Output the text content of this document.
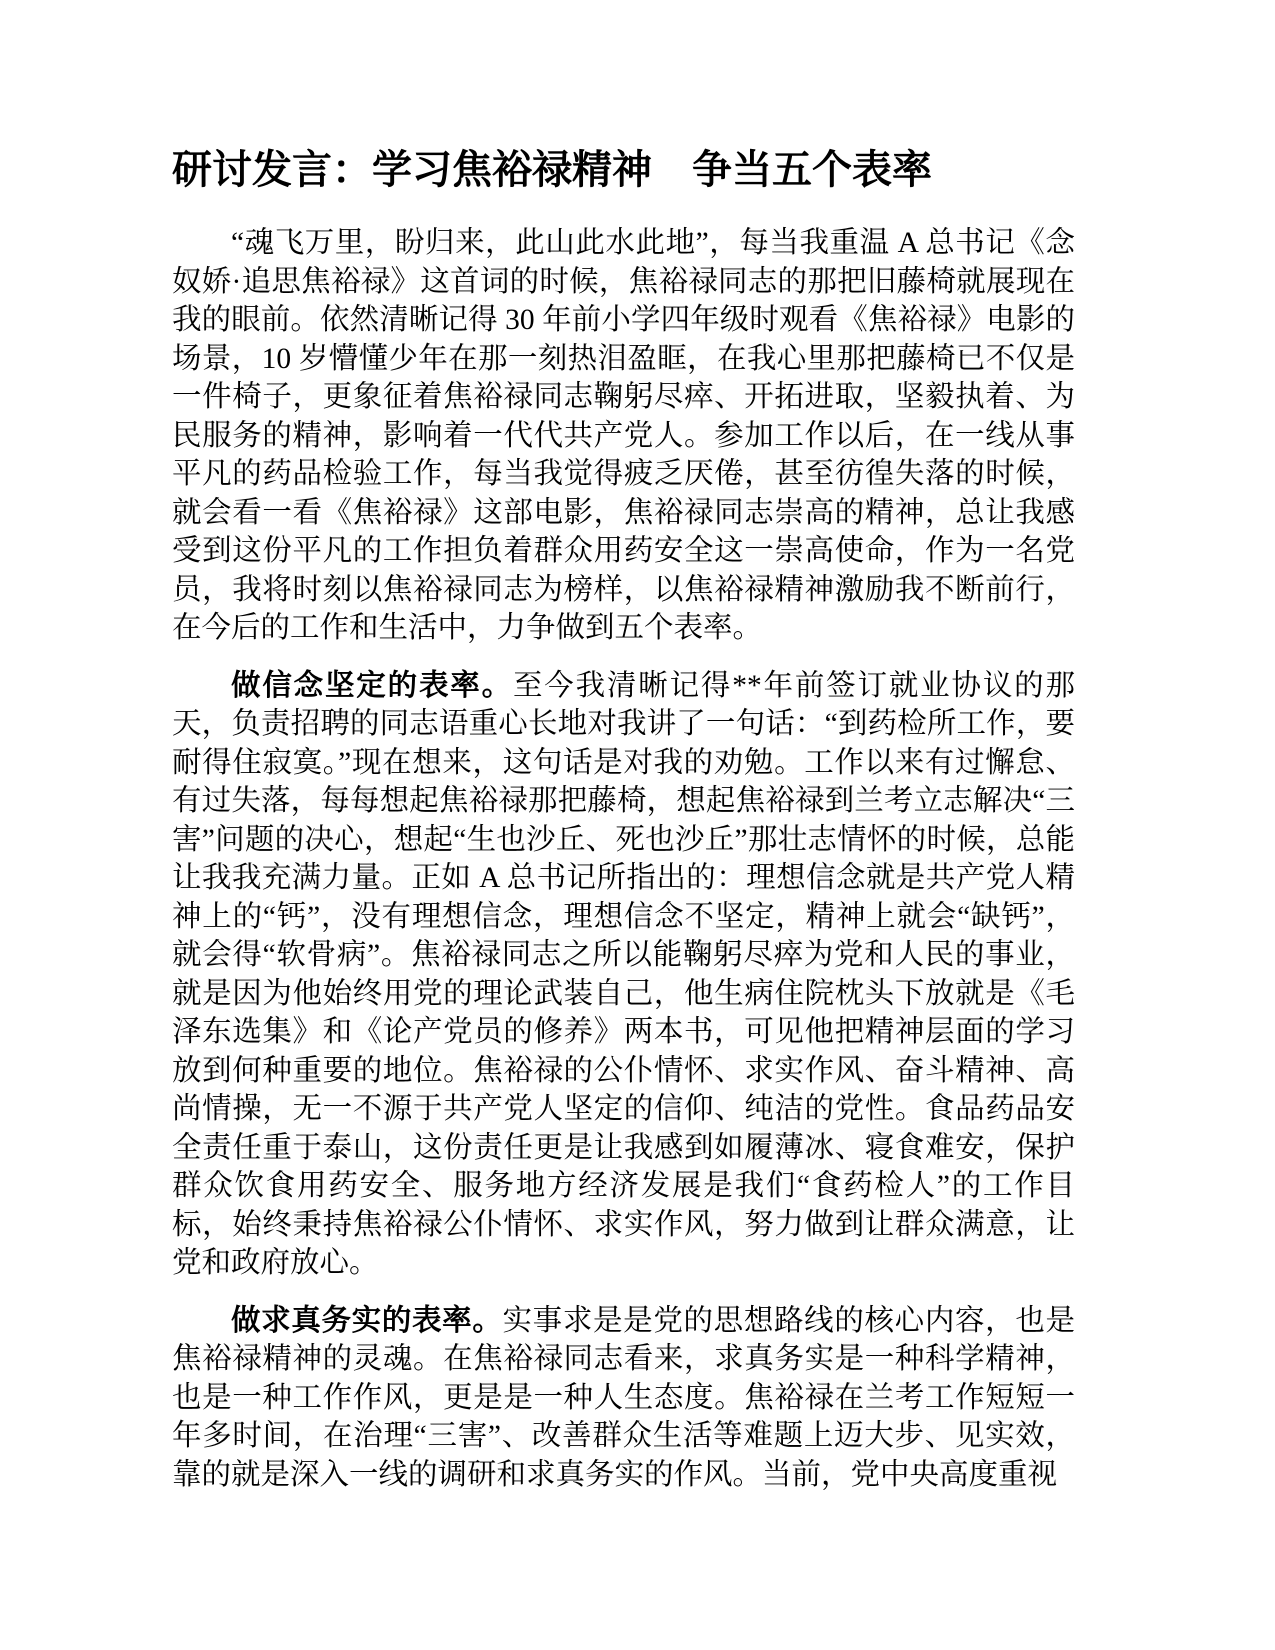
研讨发言：学习焦裕禄精神　争当五个表率

“魂飞万里，盼归来，此山此水此地”，每当我重温 A 总书记《念奴娇·追思焦裕禄》这首词的时候，焦裕禄同志的那把旧藤椅就展现在我的眼前。依然清晰记得 30 年前小学四年级时观看《焦裕禄》电影的场景，10 岁懵懂少年在那一刻热泪盈眶，在我心里那把藤椅已不仅是一件椅子，更象征着焦裕禄同志鞠躬尽瘁、开拓进取，坚毅执着、为民服务的精神，影响着一代代共产党人。参加工作以后，在一线从事平凡的药品检验工作，每当我觉得疲乏厌倦，甚至彷徨失落的时候，就会看一看《焦裕禄》这部电影，焦裕禄同志崇高的精神，总让我感受到这份平凡的工作担负着群众用药安全这一崇高使命，作为一名党员，我将时刻以焦裕禄同志为榜样，以焦裕禄精神激励我不断前行，在今后的工作和生活中，力争做到五个表率。

做信念坚定的表率。至今我清晰记得**年前签订就业协议的那天，负责招聘的同志语重心长地对我讲了一句话：“到药检所工作，要耐得住寂寞。”现在想来，这句话是对我的劝勉。工作以来有过懈怠、有过失落，每每想起焦裕禄那把藤椅，想起焦裕禄到兰考立志解决“三害”问题的决心，想起“生也沙丘、死也沙丘”那壮志情怀的时候，总能让我我充满力量。正如 A 总书记所指出的：理想信念就是共产党人精神上的“钙”，没有理想信念，理想信念不坚定，精神上就会“缺钙”，就会得“软骨病”。焦裕禄同志之所以能鞠躬尽瘁为党和人民的事业，就是因为他始终用党的理论武装自己，他生病住院枕头下放就是《毛泽东选集》和《论产党员的修养》两本书，可见他把精神层面的学习放到何种重要的地位。焦裕禄的公仆情怀、求实作风、奋斗精神、高尚情操，无一不源于共产党人坚定的信仰、纯洁的党性。食品药品安全责任重于泰山，这份责任更是让我感到如履薄冰、寝食难安，保护群众饮食用药安全、服务地方经济发展是我们“食药检人”的工作目标，始终秉持焦裕禄公仆情怀、求实作风，努力做到让群众满意，让党和政府放心。

做求真务实的表率。实事求是是党的思想路线的核心内容，也是焦裕禄精神的灵魂。在焦裕禄同志看来，求真务实是一种科学精神，也是一种工作作风，更是是一种人生态度。焦裕禄在兰考工作短短一年多时间，在治理“三害”、改善群众生活等难题上迈大步、见实效，靠的就是深入一线的调研和求真务实的作风。当前，党中央高度重视
